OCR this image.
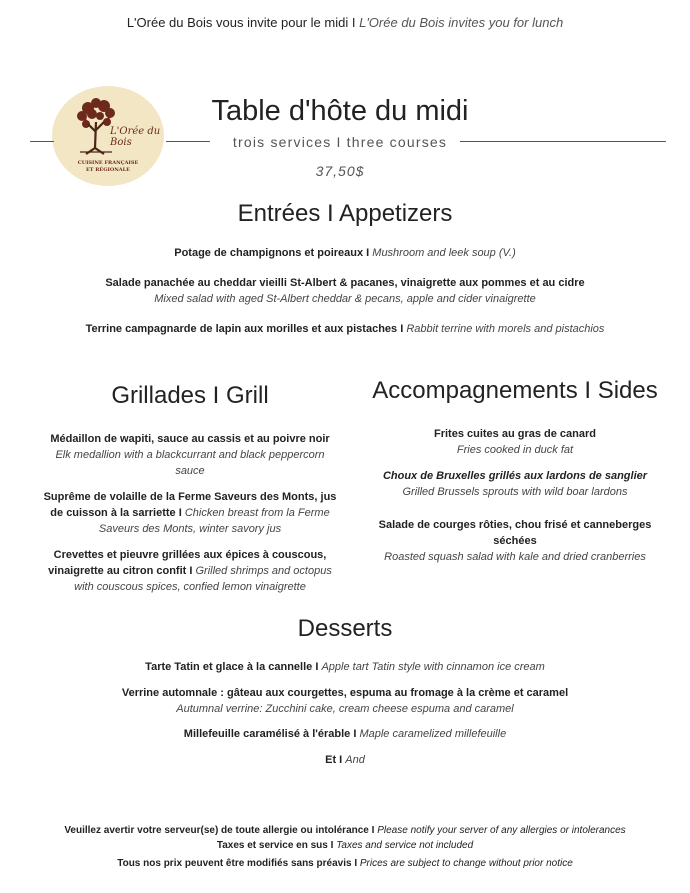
L'Orée du Bois vous invite pour le midi I L'Orée du Bois invites you for lunch
L'Orée du Bois
CUISINE FRANÇAISE
ET RÉGIONALE
Table d'hôte du midi
trois services I three courses
37,50$
Entrées I Appetizers
Potage de champignons et poireaux I Mushroom and leek soup (V.)
Salade panachée au cheddar vieilli St-Albert & pacanes, vinaigrette aux pommes et au cidre
Mixed salad with aged St-Albert cheddar & pecans, apple and cider vinaigrette
Terrine campagnarde de lapin aux morilles et aux pistaches I Rabbit terrine with morels and pistachios
Grillades I Grill
Médaillon de wapiti, sauce au cassis et au poivre noir
Elk medallion with a blackcurrant and black peppercorn sauce
Suprême de volaille de la Ferme Saveurs des Monts, jus de cuisson à la sarriette I Chicken breast from la Ferme Saveurs des Monts, winter savory jus
Crevettes et pieuvre grillées aux épices à couscous, vinaigrette au citron confit I Grilled shrimps and octopus with couscous spices, confied lemon vinaigrette
Accompagnements I Sides
Frites cuites au gras de canard
Fries cooked in duck fat
Choux de Bruxelles grillés aux lardons de sanglier
Grilled Brussels sprouts with wild boar lardons
Salade de courges rôties, chou frisé et canneberges séchées
Roasted squash salad with kale and dried cranberries
Desserts
Tarte Tatin et glace à la cannelle I Apple tart Tatin style with cinnamon ice cream
Verrine automnale : gâteau aux courgettes, espuma au fromage à la crème et caramel
Autumnal verrine: Zucchini cake, cream cheese espuma and caramel
Millefeuille caramélisé à l'érable I Maple caramelized millefeuille
Et I And
Veuillez avertir votre serveur(se) de toute allergie ou intolérance I Please notify your server of any allergies or intolerances
Taxes et service en sus I Taxes and service not included
Tous nos prix peuvent être modifiés sans préavis I Prices are subject to change without prior notice
